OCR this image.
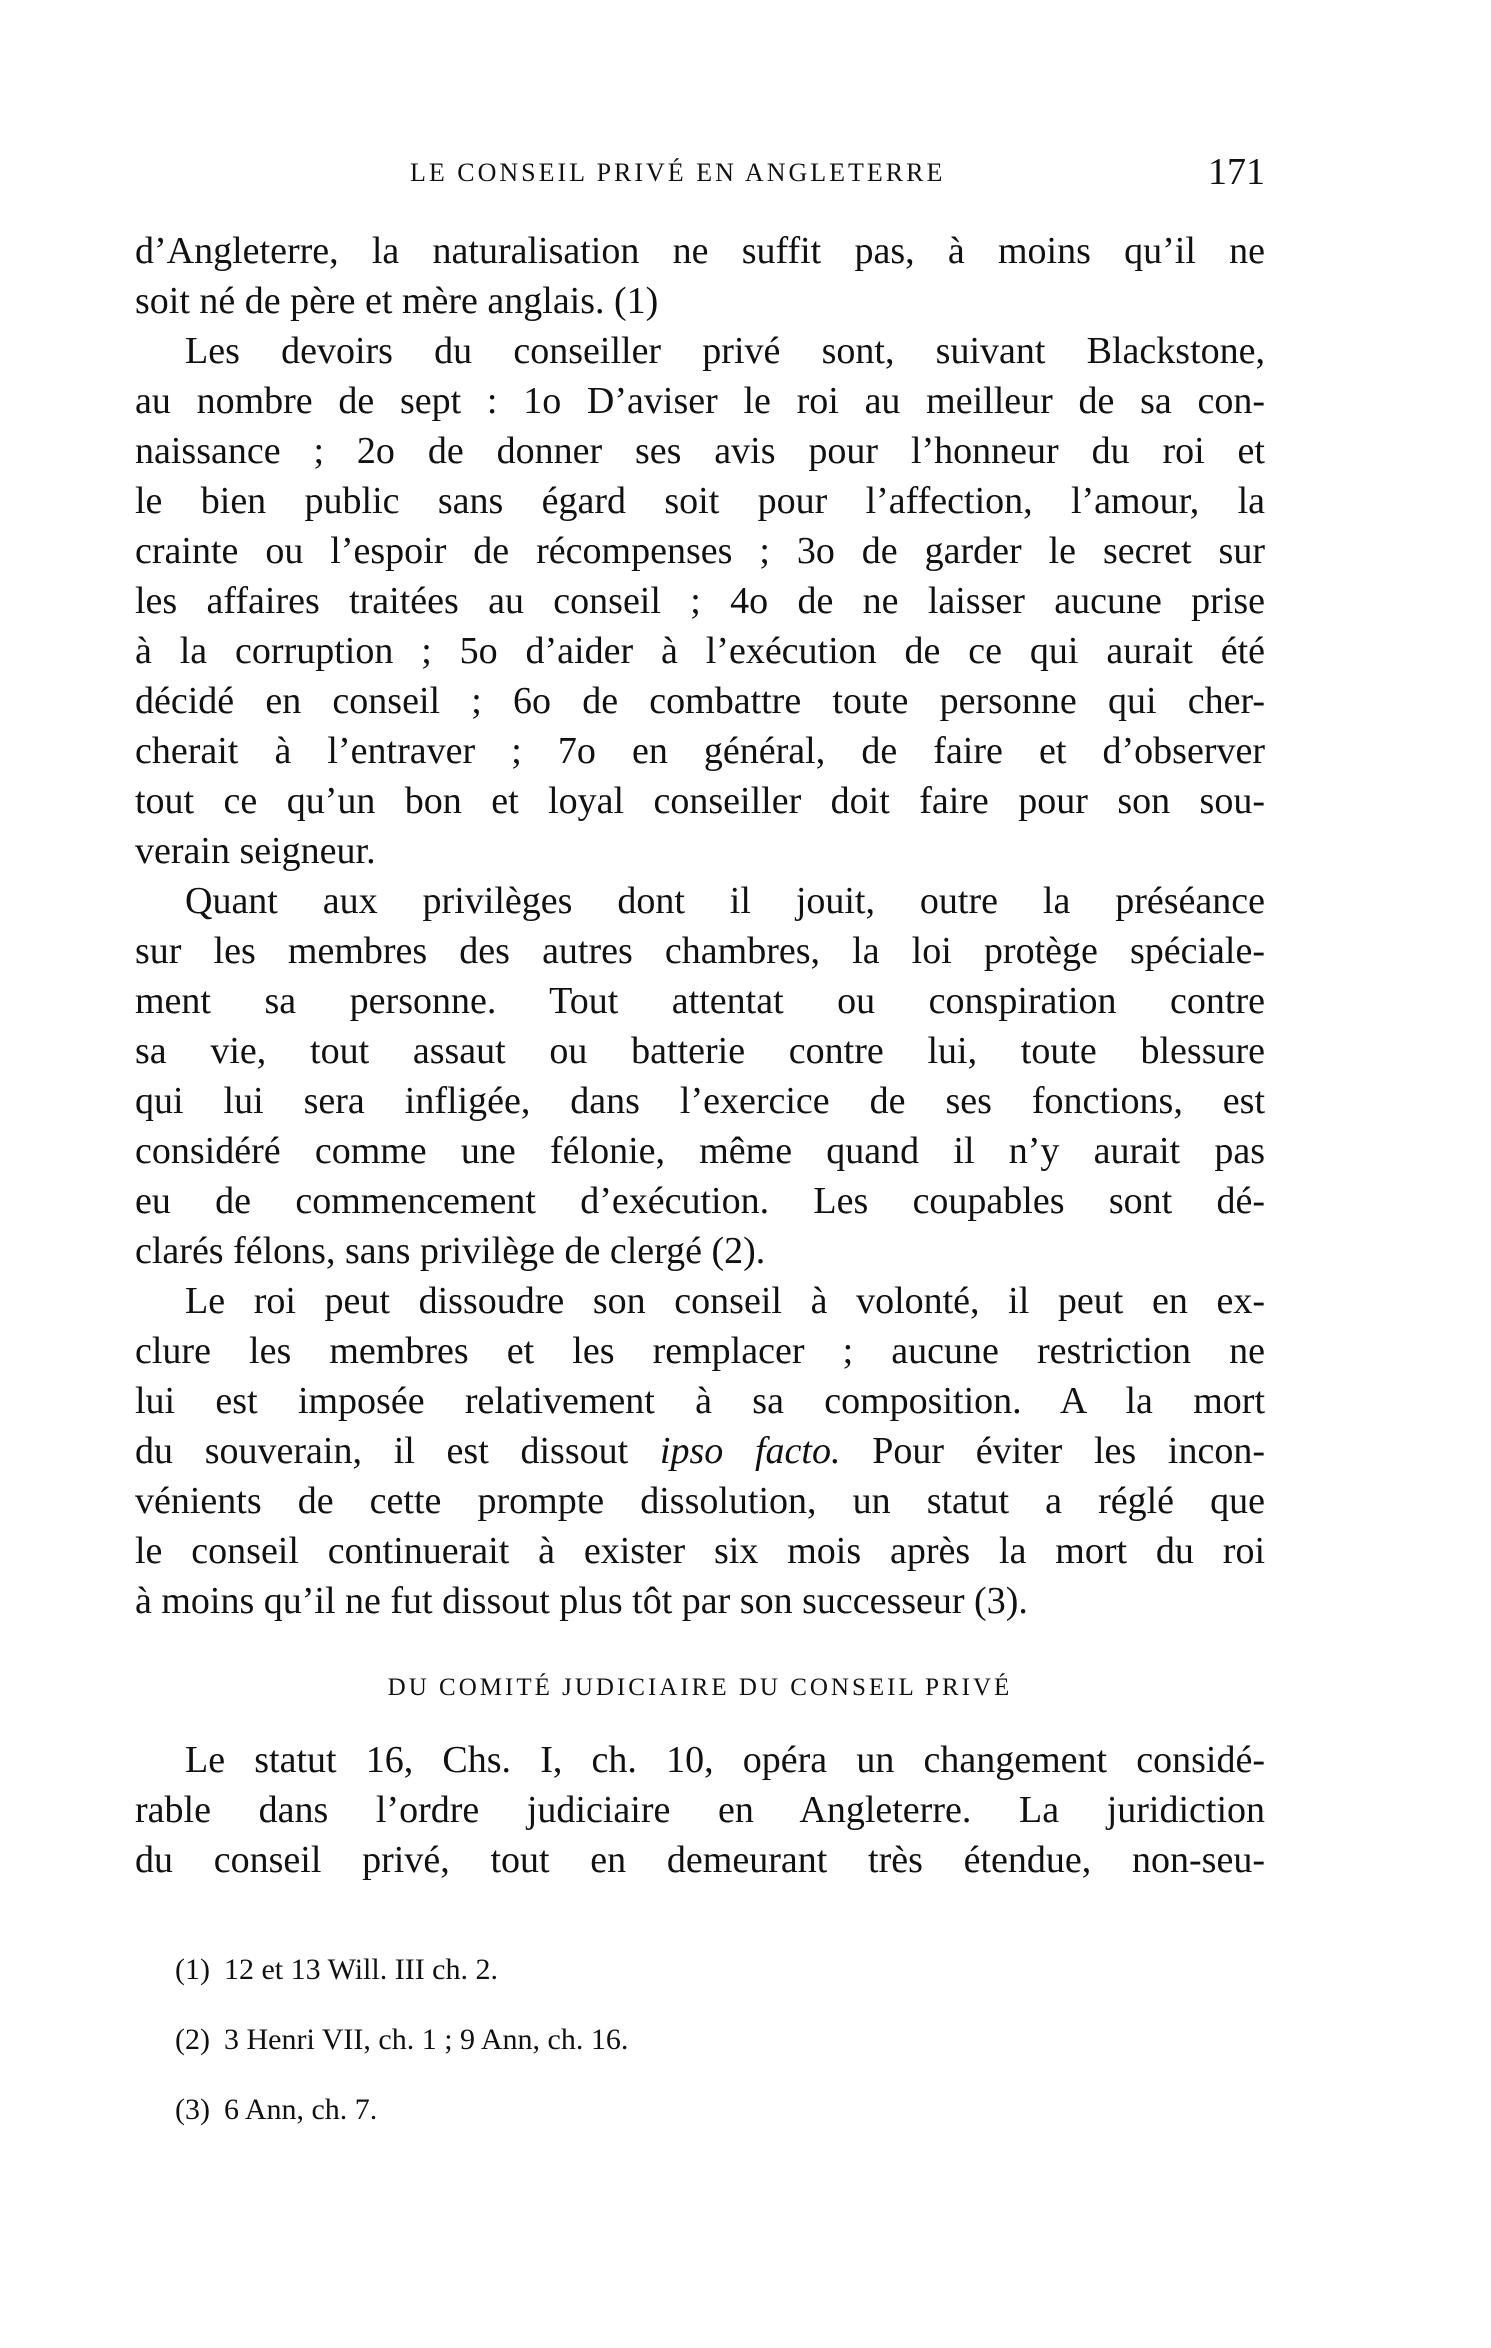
LE CONSEIL PRIVÉ EN ANGLETERRE	171
d’Angleterre, la naturalisation ne suffit pas, à moins qu’il ne
soit né de père et mère anglais. (1)
Les devoirs du conseiller privé sont, suivant Blackstone,
au nombre de sept : 1o D’aviser le roi au meilleur de sa con-
naissance ; 2o de donner ses avis pour l’honneur du roi et
le bien public sans égard soit pour l’affection, l’amour, la
crainte ou l’espoir de récompenses ; 3o de garder le secret sur
les affaires traitées au conseil ; 4o de ne laisser aucune prise
à la corruption ; 5o d’aider à l’exécution de ce qui aurait été
décidé en conseil ; 6o de combattre toute personne qui cher-
cherait à l’entraver ; 7o en général, de faire et d’observer
tout ce qu’un bon et loyal conseiller doit faire pour son sou-
verain seigneur.
Quant aux privilèges dont il jouit, outre la préséance
sur les membres des autres chambres, la loi protège spéciale-
ment sa personne. Tout attentat ou conspiration contre
sa vie, tout assaut ou batterie contre lui, toute blessure
qui lui sera infligée, dans l’exercice de ses fonctions, est
considéré comme une félonie, même quand il n’y aurait pas
eu de commencement d’exécution. Les coupables sont dé-
clarés félons, sans privilège de clergé (2).
Le roi peut dissoudre son conseil à volonté, il peut en ex-
clure les membres et les remplacer ; aucune restriction ne
lui est imposée relativement à sa composition. A la mort
du souverain, il est dissout ipso facto. Pour éviter les incon-
vénients de cette prompte dissolution, un statut a réglé que
le conseil continuerait à exister six mois après la mort du roi
à moins qu’il ne fut dissout plus tôt par son successeur (3).
DU COMITÉ JUDICIAIRE DU CONSEIL PRIVÉ
Le statut 16, Chs. I, ch. 10, opéra un changement considé-
rable dans l’ordre judiciaire en Angleterre. La juridiction
du conseil privé, tout en demeurant très étendue, non-seu-
(1) 12 et 13 Will. III ch. 2.
(2) 3 Henri VII, ch. 1 ; 9 Ann, ch. 16.
(3) 6 Ann, ch. 7.
